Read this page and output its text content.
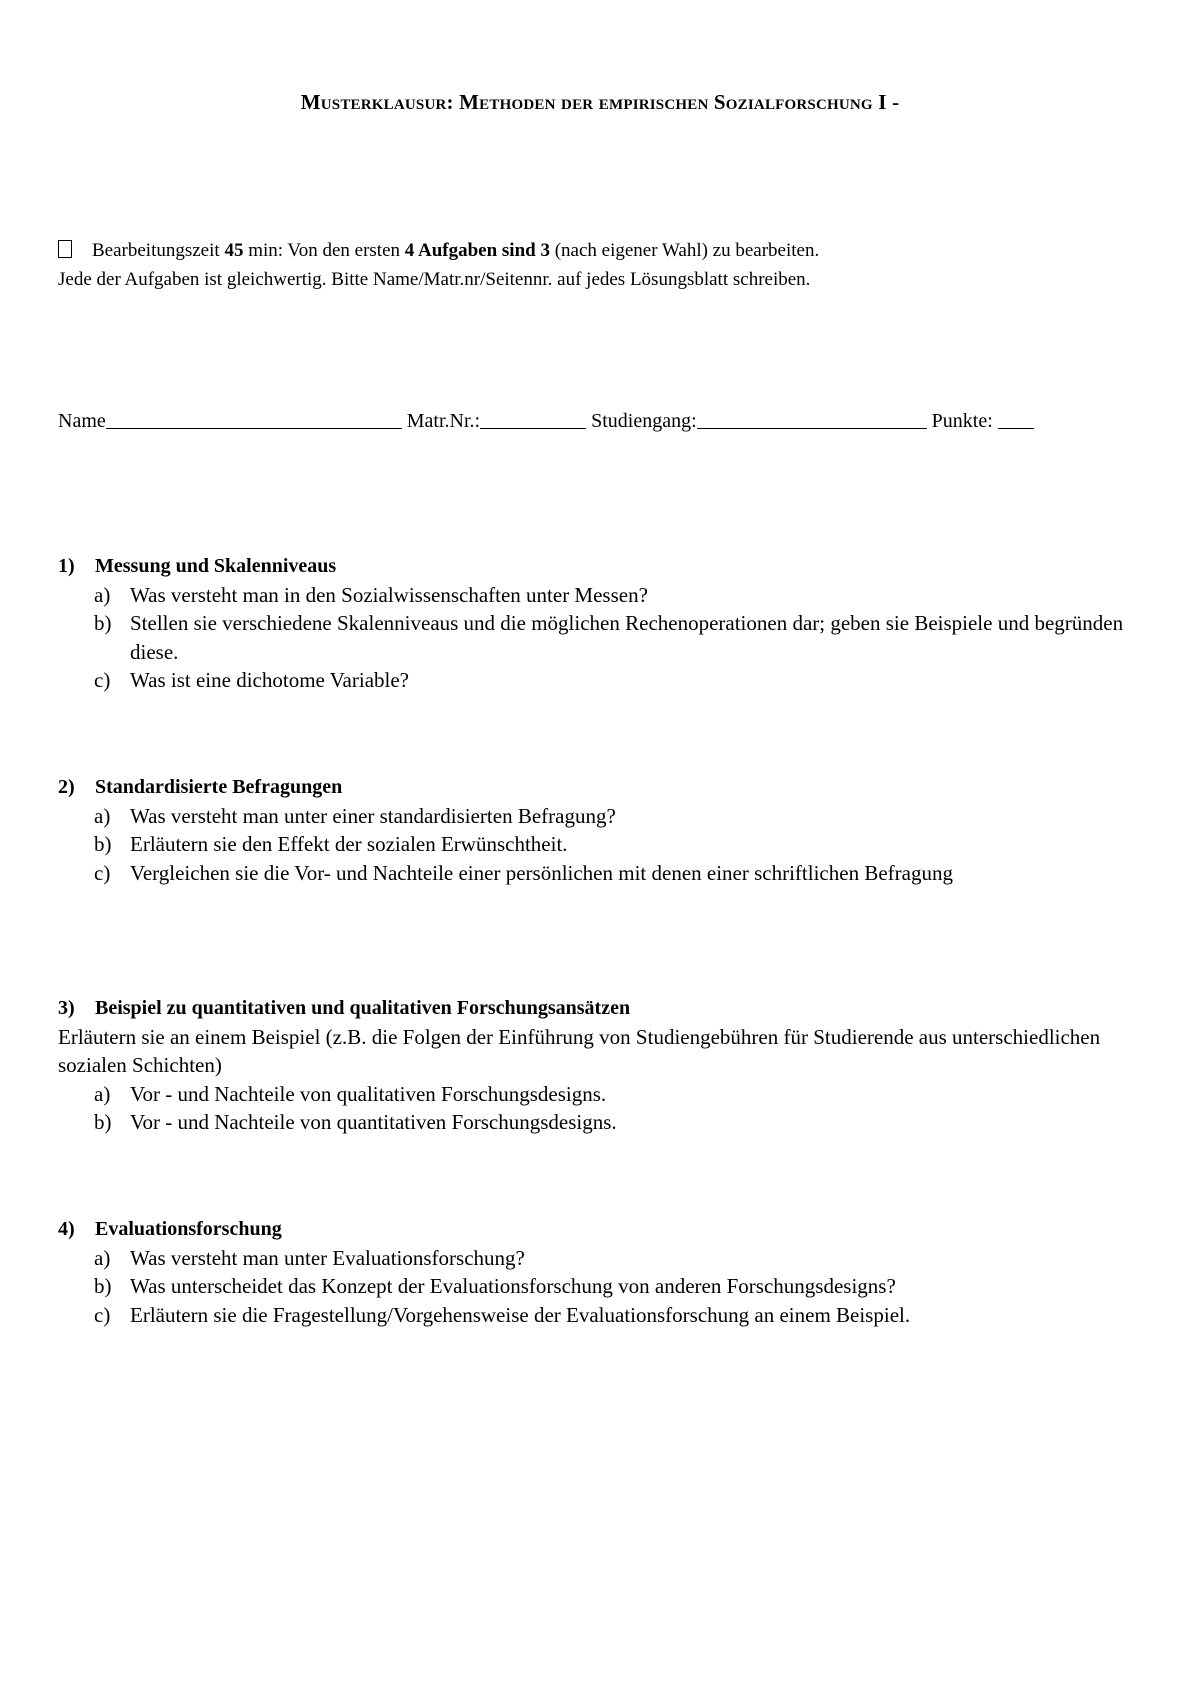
Musterklausur: Methoden der empirischen Sozialforschung I -
Bearbeitungszeit 45 min: Von den ersten 4 Aufgaben sind 3 (nach eigener Wahl) zu bearbeiten.
Jede der Aufgaben ist gleichwertig. Bitte Name/Matr.nr/Seitennr. auf jedes Lösungsblatt schreiben.
Name	Matr.Nr.:	Studiengang:	Punkte:
1) Messung und Skalenniveaus
a) Was versteht man in den Sozialwissenschaften unter Messen?
b) Stellen sie verschiedene Skalenniveaus und die möglichen Rechenoperationen dar; geben sie Beispiele und begründen diese.
c) Was ist eine dichotome Variable?
2) Standardisierte Befragungen
a) Was versteht man unter einer standardisierten Befragung?
b) Erläutern sie den Effekt der sozialen Erwünschtheit.
c) Vergleichen sie die Vor- und Nachteile einer persönlichen mit denen einer schriftlichen Befragung
3) Beispiel zu quantitativen und qualitativen Forschungsansätzen
Erläutern sie an einem Beispiel (z.B. die Folgen der Einführung von Studiengebühren für Studierende aus unterschiedlichen sozialen Schichten)
a) Vor - und Nachteile von qualitativen Forschungsdesigns.
b) Vor - und Nachteile von quantitativen Forschungsdesigns.
4) Evaluationsforschung
a) Was versteht man unter Evaluationsforschung?
b) Was unterscheidet das Konzept der Evaluationsforschung von anderen Forschungsdesigns?
c) Erläutern sie die Fragestellung/Vorgehensweise der Evaluationsforschung an einem Beispiel.
